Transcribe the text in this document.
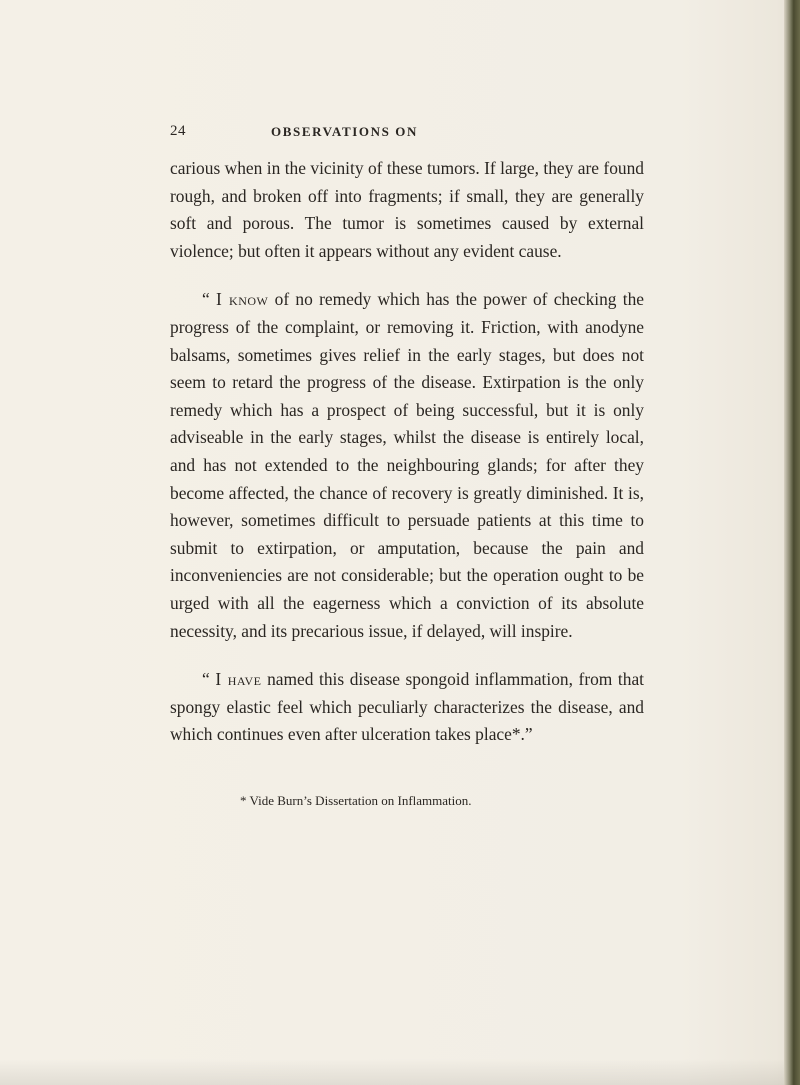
24	OBSERVATIONS ON

carious when in the vicinity of these tumors. If large, they are found rough, and broken off into fragments; if small, they are generally soft and porous. The tumor is sometimes caused by external violence; but often it appears without any evident cause.

“ I know of no remedy which has the power of checking the progress of the complaint, or removing it. Friction, with anodyne balsams, sometimes gives relief in the early stages, but does not seem to retard the progress of the disease. Extirpation is the only remedy which has a prospect of being successful, but it is only adviseable in the early stages, whilst the disease is entirely local, and has not extended to the neighbouring glands; for after they become affected, the chance of recovery is greatly diminished. It is, however, sometimes difficult to persuade patients at this time to submit to extirpation, or amputation, because the pain and inconveniencies are not considerable; but the operation ought to be urged with all the eagerness which a conviction of its absolute necessity, and its precarious issue, if delayed, will inspire.

“ I have named this disease spongoid inflammation, from that spongy elastic feel which peculiarly characterizes the disease, and which continues even after ulceration takes place*.”

* Vide Burn’s Dissertation on Inflammation.
